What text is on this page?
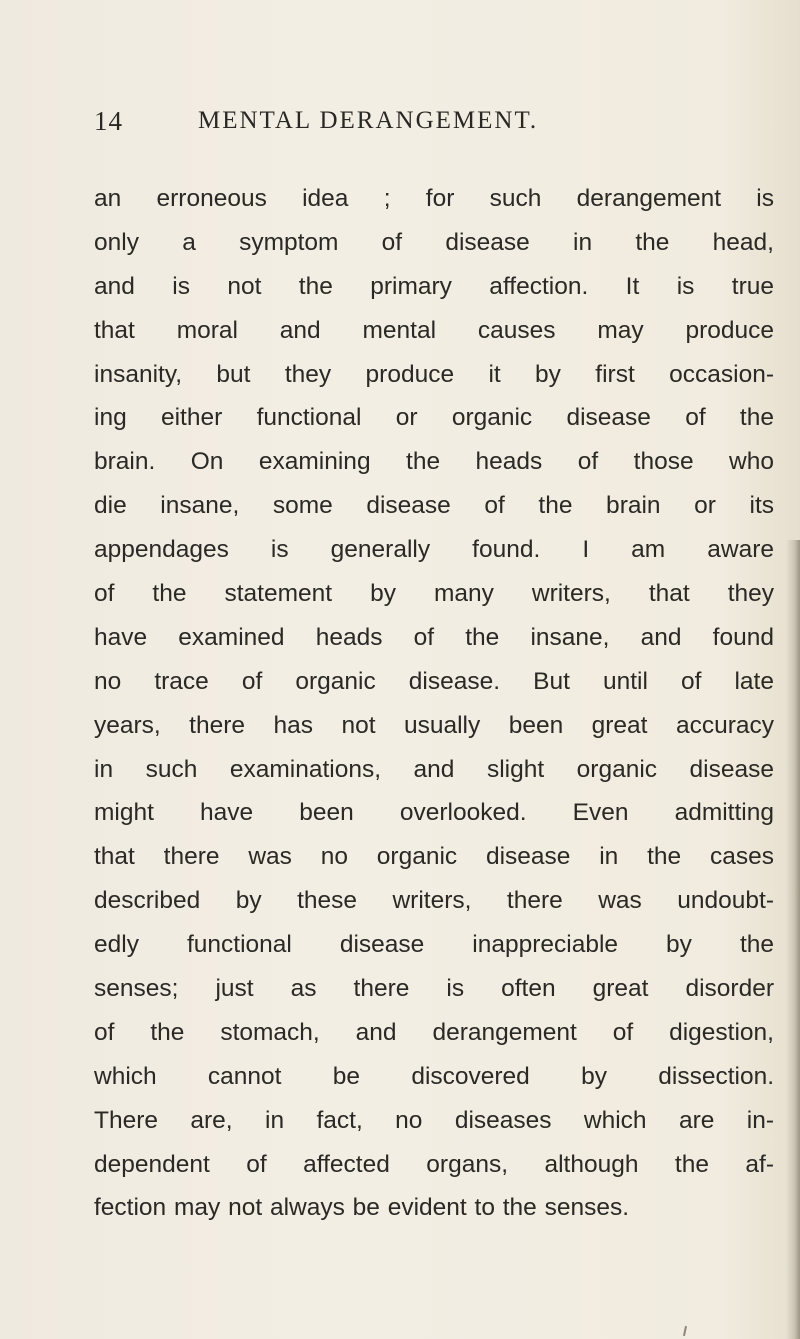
14	MENTAL DERANGEMENT.
an erroneous idea ; for such derangement is
only a symptom of disease in the head,
and is not the primary affection. It is true
that moral and mental causes may produce
insanity, but they produce it by first occasion-
ing either functional or organic disease of the
brain. On examining the heads of those who
die insane, some disease of the brain or its
appendages is generally found. I am aware
of the statement by many writers, that they
have examined heads of the insane, and found
no trace of organic disease. But until of late
years, there has not usually been great accuracy
in such examinations, and slight organic disease
might have been overlooked. Even admitting
that there was no organic disease in the cases
described by these writers, there was undoubt-
edly functional disease inappreciable by the
senses; just as there is often great disorder
of the stomach, and derangement of digestion,
which cannot be discovered by dissection.
There are, in fact, no diseases which are in-
dependent of affected organs, although the af-
fection may not always be evident to the senses.
